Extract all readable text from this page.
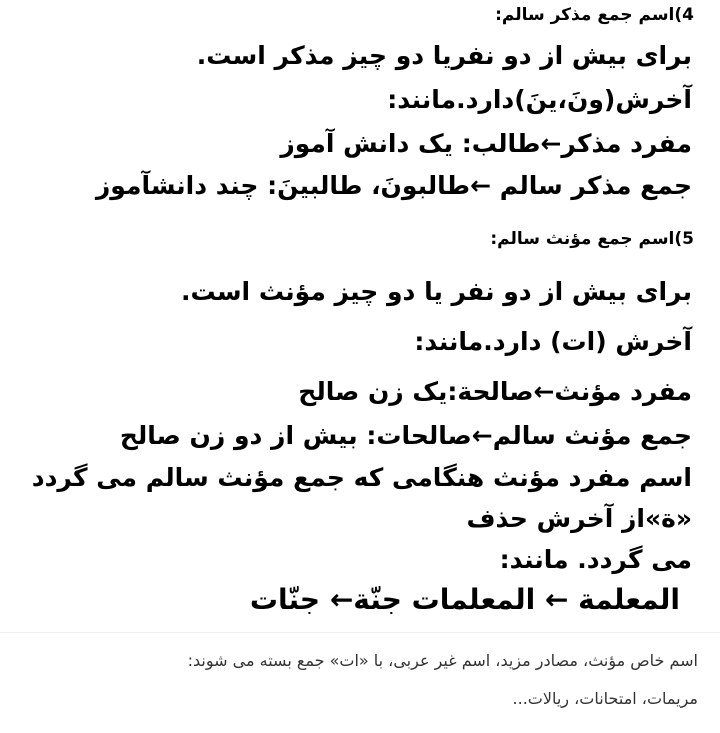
4)اسم جمع مذکر سالم:
برای بیش از دو نفریا دو چیز مذکر است.
آخرش(ونَ،ینَ)دارد.مانند:
مفرد مذکر←طالب: یک دانش آموز
جمع مذکر سالم ←طالبونَ، طالبینَ: چند دانشآموز
5)اسم جمع مؤنث سالم:
برای بیش از دو نفر یا دو چیز مؤنث است.
آخرش (ات) دارد.مانند:
مفرد مؤنث←صالحة:یک زن صالح
جمع مؤنث سالم←صالحات: بیش از دو زن صالح
اسم مفرد مؤنث هنگامی که جمع مؤنث سالم می گردد
«ة»از آخرش حذف
می گردد. مانند:
المعلمة ← المعلمات جنّة← جنّات
اسم خاص مؤنث، مصادر مزید، اسم غیر عربی، با «ات» جمع بسته می شوند:
مریمات، امتحانات، ریالات...
